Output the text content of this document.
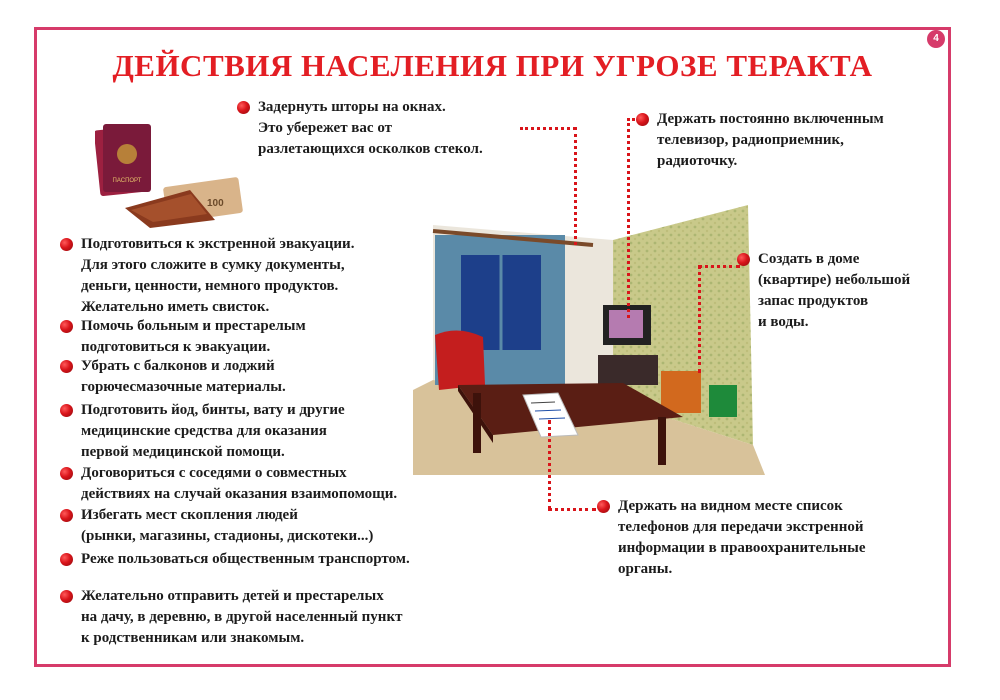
4
ДЕЙСТВИЯ НАСЕЛЕНИЯ ПРИ УГРОЗЕ ТЕРАКТА
ПАСПОРТ
100
Задернуть шторы на окнах.
Это убережет вас от
разлетающихся осколков стекол.
Держать постоянно включенным
телевизор, радиоприемник,
радиоточку.
Создать в доме
(квартире) небольшой
запас продуктов
и воды.
Подготовиться к экстренной эвакуации.
Для этого сложите в сумку документы,
деньги, ценности, немного продуктов.
Желательно иметь свисток.
Помочь больным и престарелым
подготовиться к эвакуации.
Убрать с балконов и лоджий
горючесмазочные материалы.
Подготовить йод, бинты, вату и другие
медицинские средства для оказания
первой медицинской помощи.
Договориться с соседями о совместных
действиях на случай оказания взаимопомощи.
Избегать мест скопления людей
(рынки, магазины, стадионы, дискотеки...)
Реже пользоваться общественным транспортом.
Желательно отправить детей и престарелых
на дачу, в деревню, в другой населенный пункт
к родственникам или знакомым.
Держать на видном месте список
телефонов для передачи экстренной
информации в правоохранительные
органы.
